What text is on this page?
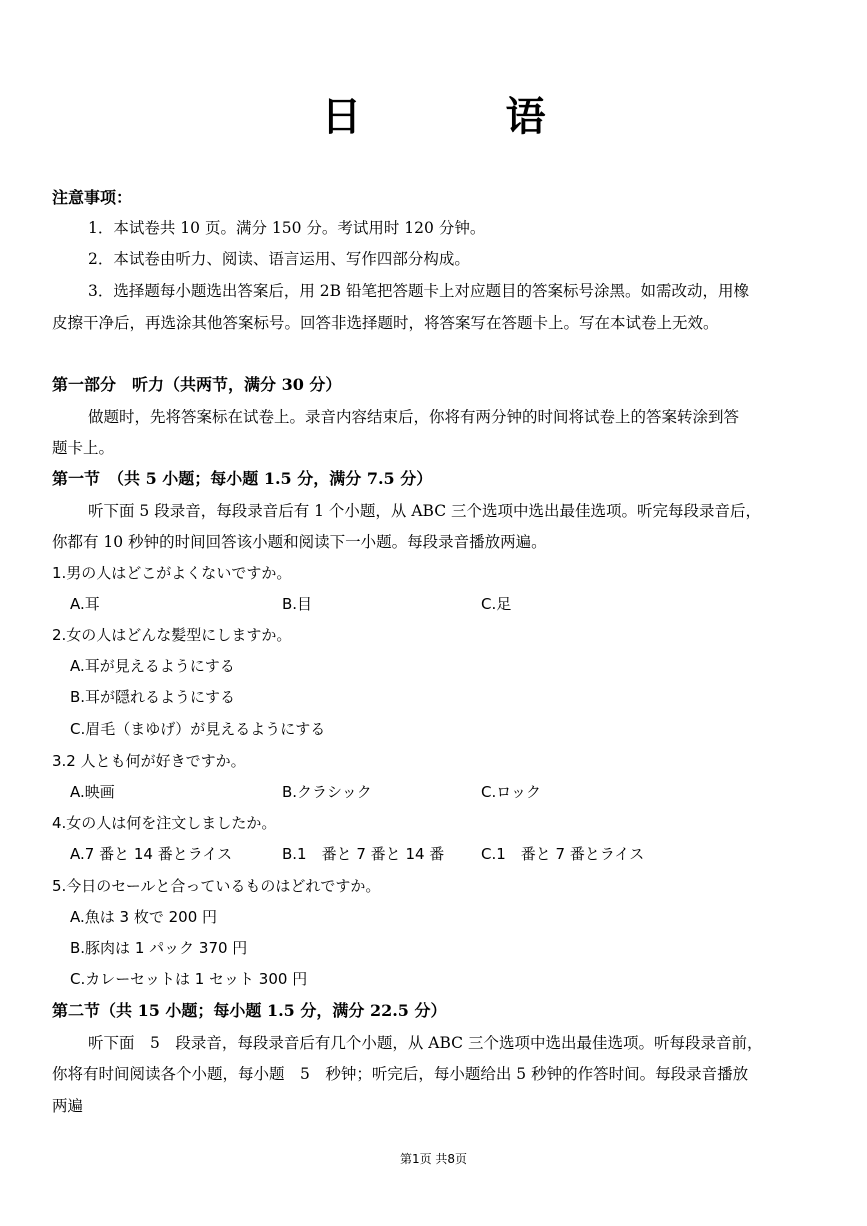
日　语
注意事项：
1．本试卷共 10 页。满分 150 分。考试用时 120 分钟。
2．本试卷由听力、阅读、语言运用、写作四部分构成。
3．选择题每小题选出答案后，用 2B 铅笔把答题卡上对应题目的答案标号涂黑。如需改动，用橡
皮擦干净后，再选涂其他答案标号。回答非选择题时，将答案写在答题卡上。写在本试卷上无效。
第一部分　听力（共两节，满分 30 分）
做题时，先将答案标在试卷上。录音内容结束后，你将有两分钟的时间将试卷上的答案转涂到答
题卡上。
第一节　（共 5 小题；每小题 1.5 分，满分 7.5 分）
听下面 5 段录音，每段录音后有 1 个小题，从 ABC 三个选项中选出最佳选项。听完每段录音后，
你都有 10 秒钟的时间回答该小题和阅读下一小题。每段录音播放两遍。
1.男の人はどこがよくないですか。
A.耳	B.目	C.足
2.女の人はどんな髪型にしますか。
A.耳が見えるようにする
B.耳が隠れるようにする
C.眉毛（まゆげ）が見えるようにする
3.2 人とも何が好きですか。
A.映画	B.クラシック	C.ロック
4.女の人は何を注文しましたか。
A.7 番と 14 番とライス	B.1　番と 7 番と 14 番 C.1　番と 7 番とライス
5.今日のセールと合っているものはどれですか。
A.魚は 3 枚で 200 円
B.豚肉は 1 パック 370 円
C.カレーセットは 1 セット 300 円
第二节（共 15 小题；每小题 1.5 分，满分 22.5 分）
听下面　5　段录音，每段录音后有几个小题，从 ABC 三个选项中选出最佳选项。听每段录音前，
你将有时间阅读各个小题，每小题　5　秒钟；听完后，每小题给出 5 秒钟的作答时间。每段录音播放
两遍
第1页 共8页
